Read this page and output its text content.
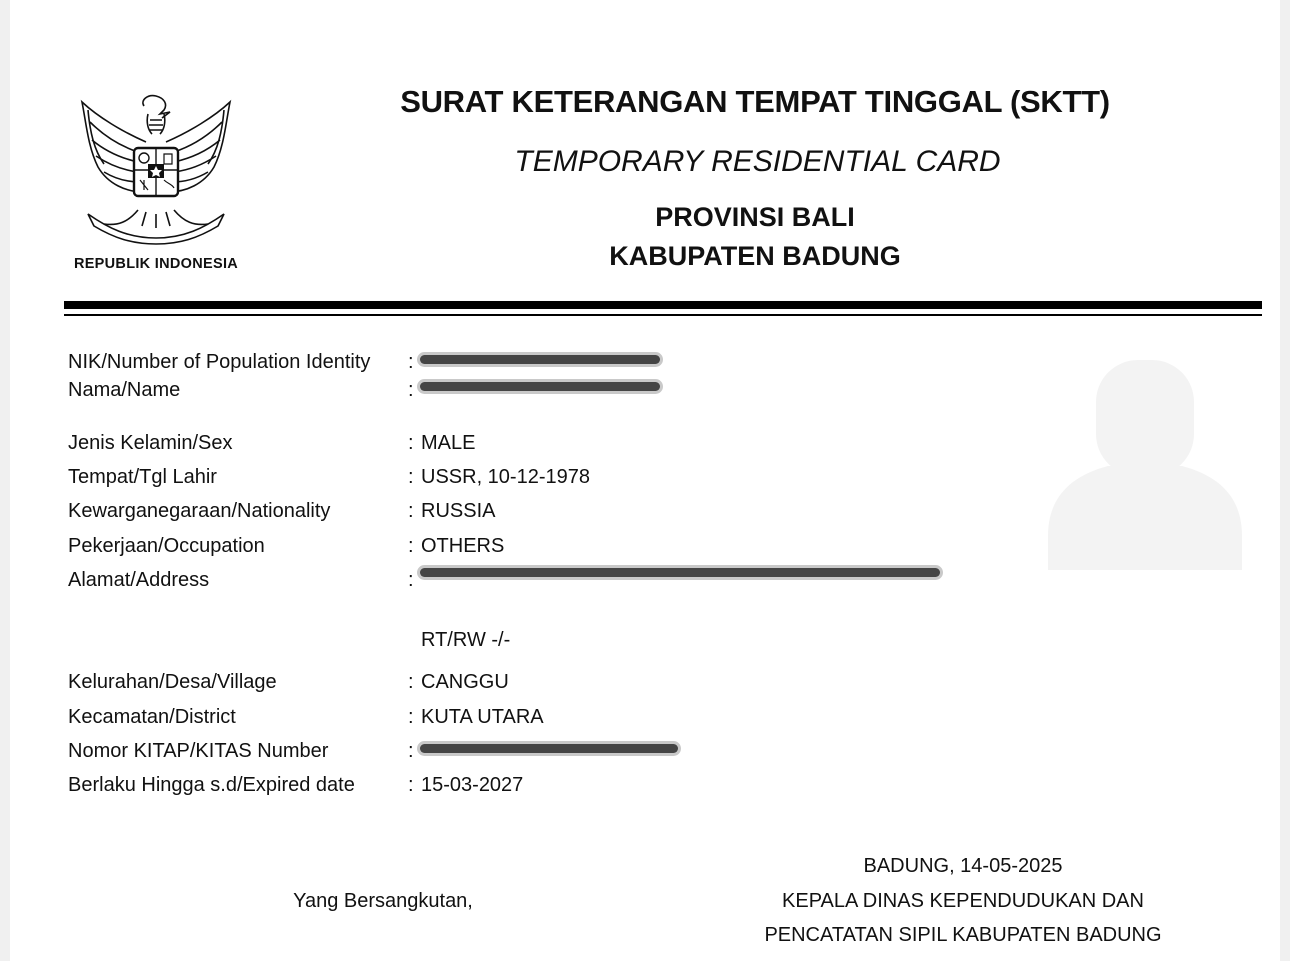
REPUBLIK INDONESIA
SURAT KETERANGAN TEMPAT TINGGAL (SKTT)
TEMPORARY RESIDENTIAL CARD
PROVINSI BALI
KABUPATEN BADUNG
NIK/Number of Population Identity :
Nama/Name	:
Jenis Kelamin/Sex	: MALE
Tempat/Tgl Lahir	: USSR, 10-12-1978
Kewarganegaraan/Nationality	: RUSSIA
Pekerjaan/Occupation	: OTHERS
Alamat/Address	:
RT/RW -/-
Kelurahan/Desa/Village	: CANGGU
Kecamatan/District	: KUTA UTARA
Nomor KITAP/KITAS Number	:
Berlaku Hingga s.d/Expired date	: 15-03-2027
Yang Bersangkutan,
BADUNG, 14-05-2025
KEPALA DINAS KEPENDUDUKAN DAN
PENCATATAN SIPIL KABUPATEN BADUNG
